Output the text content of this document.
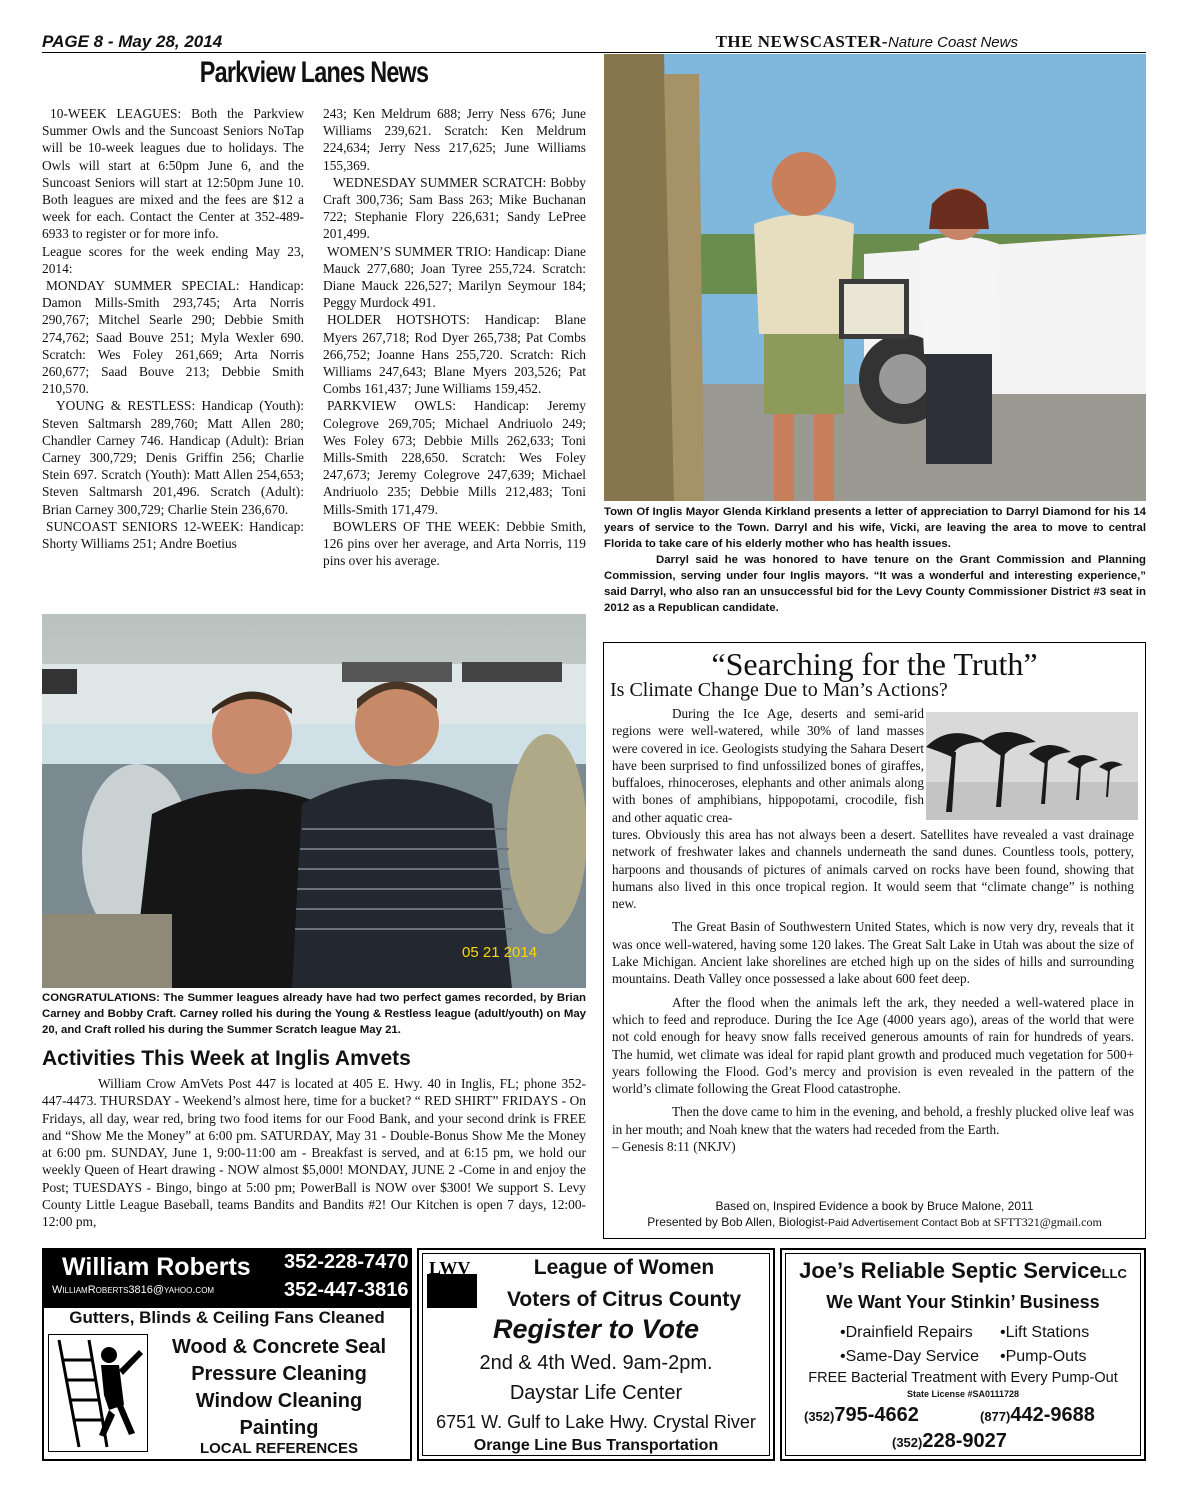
PAGE 8 - May 28, 2014	THE NEWSCASTER-Nature Coast News
Parkview Lanes News

10-WEEK LEAGUES: Both the Parkview Summer Owls and the Suncoast Seniors NoTap will be 10-week leagues due to holidays. The Owls will start at 6:50pm June 6, and the Suncoast Seniors will start at 12:50pm June 10. Both leagues are mixed and the fees are $12 a week for each. Contact the Center at 352-489-6933 to register or for more info.

League scores for the week ending May 23, 2014:

MONDAY SUMMER SPECIAL: Handicap: Damon Mills-Smith 293,745; Arta Norris 290,767; Mitchel Searle 290; Debbie Smith 274,762; Saad Bouve 251; Myla Wexler 690. Scratch: Wes Foley 261,669; Arta Norris 260,677; Saad Bouve 213; Debbie Smith 210,570.

YOUNG & RESTLESS: Handicap (Youth): Steven Saltmarsh 289,760; Matt Allen 280; Chandler Carney 746. Handicap (Adult): Brian Carney 300,729; Denis Griffin 256; Charlie Stein 697. Scratch (Youth): Matt Allen 254,653; Steven Saltmarsh 201,496. Scratch (Adult): Brian Carney 300,729; Charlie Stein 236,670.

SUNCOAST SENIORS 12-WEEK: Handicap: Shorty Williams 251; Andre Boetius

243; Ken Meldrum 688; Jerry Ness 676; June Williams 239,621. Scratch: Ken Meldrum 224,634; Jerry Ness 217,625; June Williams 155,369.

WEDNESDAY SUMMER SCRATCH: Bobby Craft 300,736; Sam Bass 263; Mike Buchanan 722; Stephanie Flory 226,631; Sandy LePree 201,499.

WOMEN’S SUMMER TRIO: Handicap: Diane Mauck 277,680; Joan Tyree 255,724. Scratch: Diane Mauck 226,527; Marilyn Seymour 184; Peggy Murdock 491.

HOLDER HOTSHOTS: Handicap: Blane Myers 267,718; Rod Dyer 265,738; Pat Combs 266,752; Joanne Hans 255,720. Scratch: Rich Williams 247,643; Blane Myers 203,526; Pat Combs 161,437; June Williams 159,452.

PARKVIEW OWLS: Handicap: Jeremy Colegrove 269,705; Michael Andriuolo 249; Wes Foley 673; Debbie Mills 262,633; Toni Mills-Smith 228,650. Scratch: Wes Foley 247,673; Jeremy Colegrove 247,639; Michael Andriuolo 235; Debbie Mills 212,483; Toni Mills-Smith 171,479.

BOWLERS OF THE WEEK: Debbie Smith, 126 pins over her average, and Arta Norris, 119 pins over his average.

05 21 2014
CONGRATULATIONS: The Summer leagues already have had two perfect games recorded, by Brian Carney and Bobby Craft. Carney rolled his during the Young & Restless league (adult/youth) on May 20, and Craft rolled his during the Summer Scratch league May 21.
Town Of Inglis Mayor Glenda Kirkland presents a letter of appreciation to Darryl Diamond for his 14 years of service to the Town. Darryl and his wife, Vicki, are leaving the area to move to central Florida to take care of his elderly mother who has health issues.
Darryl said he was honored to have tenure on the Grant Commission and Planning Commission, serving under four Inglis mayors. “It was a wonderful and interesting experience,” said Darryl, who also ran an unsuccessful bid for the Levy County Commissioner District #3 seat in 2012 as a Republican candidate.
Activities This Week at Inglis Amvets
William Crow AmVets Post 447 is located at 405 E. Hwy. 40 in Inglis, FL; phone 352-447-4473. THURSDAY - Weekend’s almost here, time for a bucket? “ RED SHIRT” FRIDAYS - On Fridays, all day, wear red, bring two food items for our Food Bank, and your second drink is FREE and “Show Me the Money” at 6:00 pm. SATURDAY, May 31 - Double-Bonus Show Me the Money at 6:00 pm. SUNDAY, June 1, 9:00-11:00 am - Breakfast is served, and at 6:15 pm, we hold our weekly Queen of Heart drawing - NOW almost $5,000! MONDAY, JUNE 2 -Come in and enjoy the Post; TUESDAYS - Bingo, bingo at 5:00 pm; PowerBall is NOW over $300! We support S. Levy County Little League Baseball, teams Bandits and Bandits #2! Our Kitchen is open 7 days, 12:00-12:00 pm,
“Searching for the Truth”
Is Climate Change Due to Man’s Actions?

During the Ice Age, deserts and semi-arid regions were well-watered, while 30% of land masses were covered in ice. Geologists studying the Sahara Desert have been surprised to find unfossilized bones of giraffes, buffaloes, rhinoceroses, elephants and other animals along with bones of amphibians, hippopotami, crocodile, fish and other aquatic crea-

tures. Obviously this area has not always been a desert. Satellites have revealed a vast drainage network of freshwater lakes and channels underneath the sand dunes. Countless tools, pottery, harpoons and thousands of pictures of animals carved on rocks have been found, showing that humans also lived in this once tropical region. It would seem that “climate change” is nothing new.

The Great Basin of Southwestern United States, which is now very dry, reveals that it was once well-watered, having some 120 lakes. The Great Salt Lake in Utah was about the size of Lake Michigan. Ancient lake shorelines are etched high up on the sides of hills and surrounding mountains. Death Valley once possessed a lake about 600 feet deep.

After the flood when the animals left the ark, they needed a well-watered place in which to feed and reproduce. During the Ice Age (4000 years ago), areas of the world that were not cold enough for heavy snow falls received generous amounts of rain for hundreds of years. The humid, wet climate was ideal for rapid plant growth and produced much vegetation for 500+ years following the Flood. God’s mercy and provision is even revealed in the pattern of the world’s climate following the Great Flood catastrophe.

Then the dove came to him in the evening, and behold, a freshly plucked olive leaf was in her mouth; and Noah knew that the waters had receded from the Earth.

– Genesis 8:11 (NKJV)

Based on, Inspired Evidence a book by Bruce Malone, 2011
Presented by Bob Allen, Biologist-Paid Advertisement Contact Bob at SFTT321@gmail.com
William Roberts
WilliamRoberts3816@yahoo.com
352-228-7470
352-447-3816
Gutters, Blinds & Ceiling Fans Cleaned
Wood & Concrete Seal
Pressure Cleaning
Window Cleaning
Painting
LOCAL REFERENCES
LWV	League of Women
Voters of Citrus County
Register to Vote
2nd & 4th Wed. 9am-2pm.
Daystar Life Center
6751 W. Gulf to Lake Hwy. Crystal River
Orange Line Bus Transportation
Joe’s Reliable Septic ServiceLLC
We Want Your Stinkin’ Business
•Drainfield Repairs •Lift Stations
•Same-Day Service •Pump-Outs
FREE Bacterial Treatment with Every Pump-Out
State License #SA0111728
(352)795-4662	(877)442-9688
(352)228-9027
